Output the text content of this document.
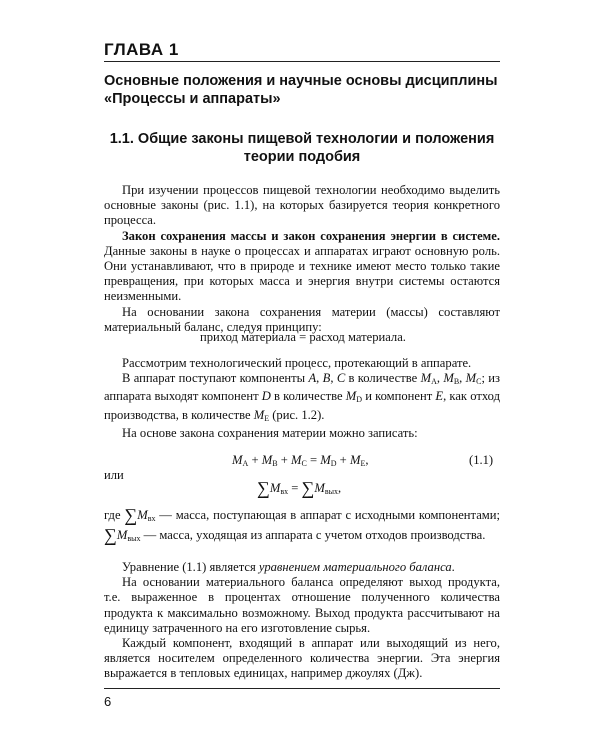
ГЛАВА 1
Основные положения и научные основы дисциплины
«Процессы и аппараты»
1.1. Общие законы пищевой технологии и положения
теории подобия

При изучении процессов пищевой технологии необходимо выделить основные законы (рис. 1.1), на которых базируется теория конкретного процесса.

Закон сохранения массы и закон сохранения энергии в системе. Данные законы в науке о процессах и аппаратах играют основную роль. Они устанавливают, что в природе и технике имеют место только такие превращения, при которых масса и энергия внутри системы остаются неизменными.

На основании закона сохранения материи (массы) составляют материальный баланс, следуя принципу:

приход материала = расход материала.

Рассмотрим технологический процесс, протекающий в аппарате.

В аппарат поступают компоненты А, В, С в количестве $M_A$, $M_B$, $M_C$; из аппарата выходят компонент D в количестве $M_D$ и компонент E, как отход производства, в количестве $M_E$ (рис. 1.2).

На основе закона сохранения материи можно записать:

$M_A + M_B + M_C = M_D + M_E$,	(1.1)
или
$\sum M_{вх} = \sum M_{вых}$,

где $\sum M_{вх}$ — масса, поступающая в аппарат с исходными компонентами; $\sum M_{вых}$ — масса, уходящая из аппарата с учетом отходов производства.

Уравнение (1.1) является уравнением материального баланса.

На основании материального баланса определяют выход продукта, т.е. выраженное в процентах отношение полученного количества продукта к максимально возможному. Выход продукта рассчитывают на единицу затраченного на его изготовление сырья.

Каждый компонент, входящий в аппарат или выходящий из него, является носителем определенного количества энергии. Эта энергия выражается в тепловых единицах, например джоулях (Дж).

6
